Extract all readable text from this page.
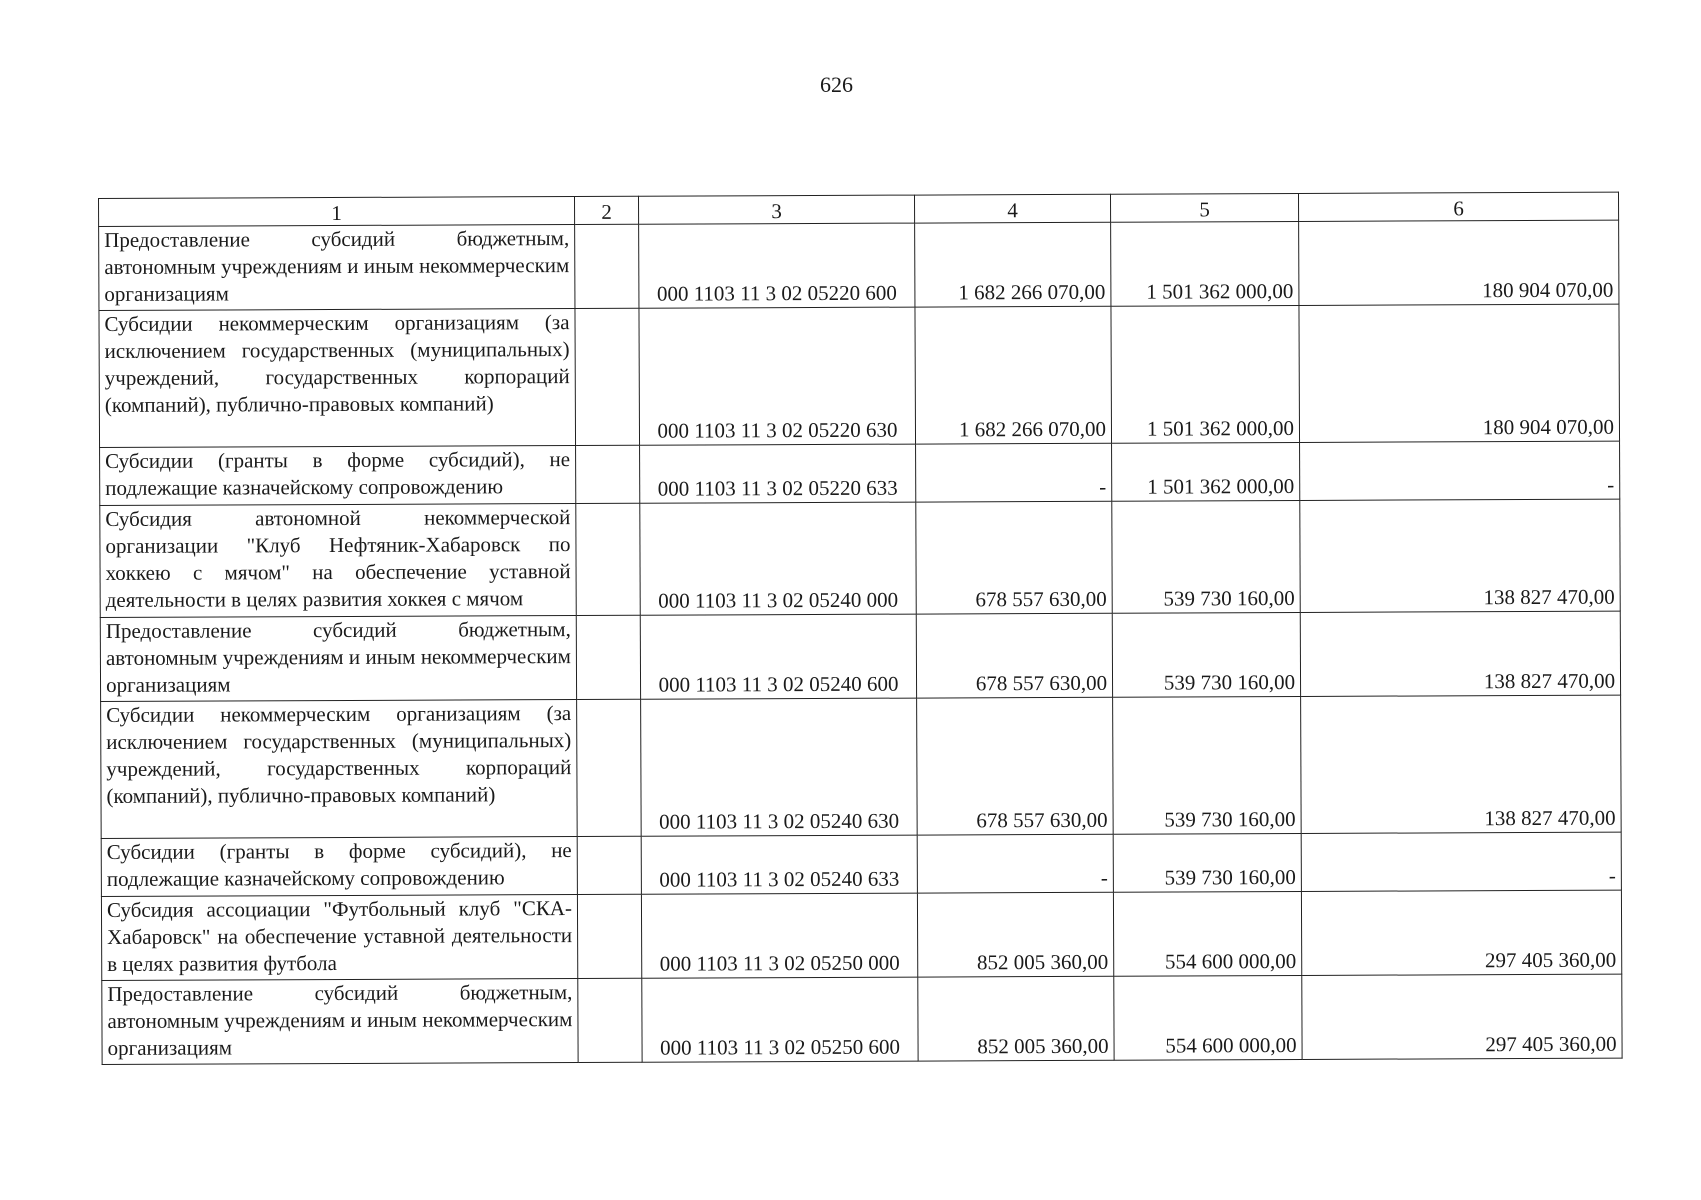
626
1	2	3	4	5	6
Предоставление субсидий бюджетным, автономным учреждениям и иным некоммерческим организациям		000 1103 11 3 02 05220 600	1 682 266 070,00	1 501 362 000,00	180 904 070,00
Субсидии некоммерческим организациям (за исключением государственных (муниципальных) учреждений, государственных корпораций (компаний), публично-правовых компаний)		000 1103 11 3 02 05220 630	1 682 266 070,00	1 501 362 000,00	180 904 070,00
Субсидии (гранты в форме субсидий), не подлежащие казначейскому сопровождению		000 1103 11 3 02 05220 633	-	1 501 362 000,00	-
Субсидия автономной некоммерческой организации "Клуб Нефтяник-Хабаровск по хоккею с мячом" на обеспечение уставной деятельности в целях развития хоккея с мячом		000 1103 11 3 02 05240 000	678 557 630,00	539 730 160,00	138 827 470,00
Предоставление субсидий бюджетным, автономным учреждениям и иным некоммерческим организациям		000 1103 11 3 02 05240 600	678 557 630,00	539 730 160,00	138 827 470,00
Субсидии некоммерческим организациям (за исключением государственных (муниципальных) учреждений, государственных корпораций (компаний), публично-правовых компаний)		000 1103 11 3 02 05240 630	678 557 630,00	539 730 160,00	138 827 470,00
Субсидии (гранты в форме субсидий), не подлежащие казначейскому сопровождению		000 1103 11 3 02 05240 633	-	539 730 160,00	-
Субсидия ассоциации "Футбольный клуб "СКА-Хабаровск" на обеспечение уставной деятельности в целях развития футбола		000 1103 11 3 02 05250 000	852 005 360,00	554 600 000,00	297 405 360,00
Предоставление субсидий бюджетным, автономным учреждениям и иным некоммерческим организациям		000 1103 11 3 02 05250 600	852 005 360,00	554 600 000,00	297 405 360,00
